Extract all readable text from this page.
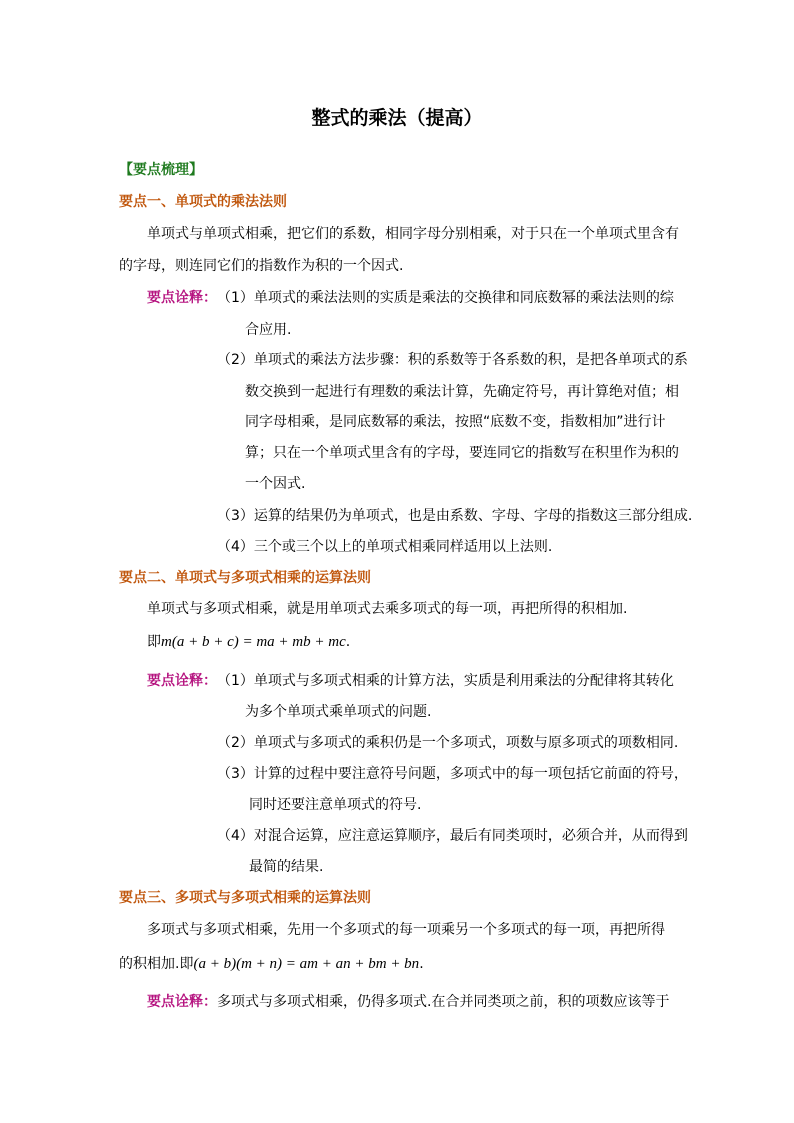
整式的乘法（提高）
【要点梳理】
要点一、单项式的乘法法则
单项式与单项式相乘，把它们的系数，相同字母分别相乘，对于只在一个单项式里含有
的字母，则连同它们的指数作为积的一个因式.
要点诠释： （1）单项式的乘法法则的实质是乘法的交换律和同底数幂的乘法法则的综
合应用.
（2）单项式的乘法方法步骤：积的系数等于各系数的积，是把各单项式的系
数交换到一起进行有理数的乘法计算，先确定符号，再计算绝对值；相
同字母相乘，是同底数幂的乘法，按照“底数不变，指数相加”进行计
算；只在一个单项式里含有的字母，要连同它的指数写在积里作为积的
一个因式.
（3）运算的结果仍为单项式，也是由系数、字母、字母的指数这三部分组成.
（4）三个或三个以上的单项式相乘同样适用以上法则.
要点二、单项式与多项式相乘的运算法则
单项式与多项式相乘，就是用单项式去乘多项式的每一项，再把所得的积相加.
即m(a + b + c) = ma + mb + mc.
要点诠释： （1）单项式与多项式相乘的计算方法，实质是利用乘法的分配律将其转化
为多个单项式乘单项式的问题.
（2）单项式与多项式的乘积仍是一个多项式，项数与原多项式的项数相同.
（3）计算的过程中要注意符号问题，多项式中的每一项包括它前面的符号，
同时还要注意单项式的符号.
（4）对混合运算，应注意运算顺序，最后有同类项时，必须合并，从而得到
最简的结果.
要点三、多项式与多项式相乘的运算法则
多项式与多项式相乘，先用一个多项式的每一项乘另一个多项式的每一项，再把所得
的积相加.即(a + b)(m + n) = am + an + bm + bn.
要点诠释： 多项式与多项式相乘，仍得多项式.在合并同类项之前，积的项数应该等于
